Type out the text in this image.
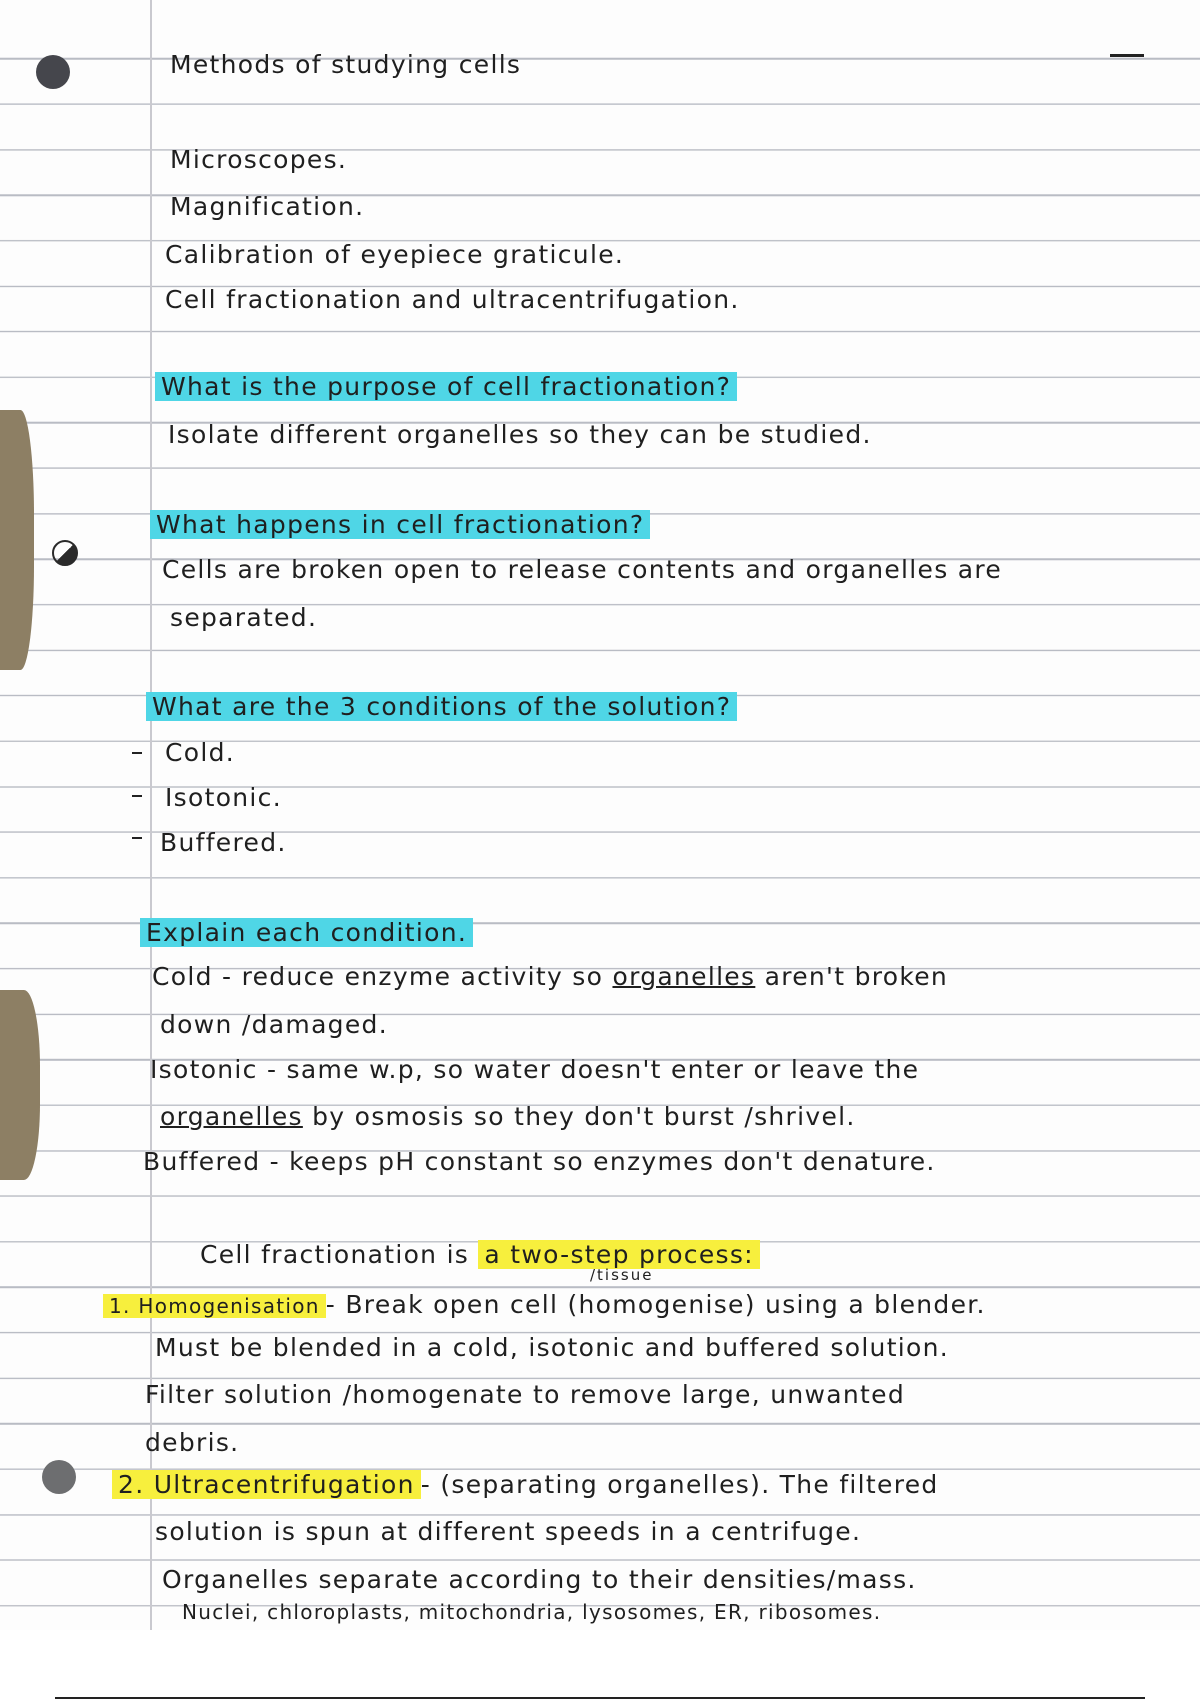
Methods of studying cells
Microscopes.
Magnification.
Calibration of eyepiece graticule.
Cell fractionation and ultracentrifugation.
What is the purpose of cell fractionation?
Isolate different organelles so they can be studied.
What happens in cell fractionation?
Cells are broken open to release contents and organelles are
separated.
What are the 3 conditions of the solution?
Cold.
Isotonic.
Buffered.
Explain each condition.
Cold - reduce enzyme activity so organelles aren't broken
down /damaged.
Isotonic - same w.p, so water doesn't enter or leave the
organelles by osmosis so they don't burst /shrivel.
Buffered - keeps pH constant so enzymes don't denature.
Cell fractionation is a two-step process:
/tissue
1. Homogenisation - Break open cell (homogenise) using a blender.
Must be blended in a cold, isotonic and buffered solution.
Filter solution /homogenate to remove large, unwanted
debris.
2. Ultracentrifugation - (separating organelles). The filtered
solution is spun at different speeds in a centrifuge.
Organelles separate according to their densities/mass.
Nuclei, chloroplasts, mitochondria, lysosomes, ER, ribosomes.
